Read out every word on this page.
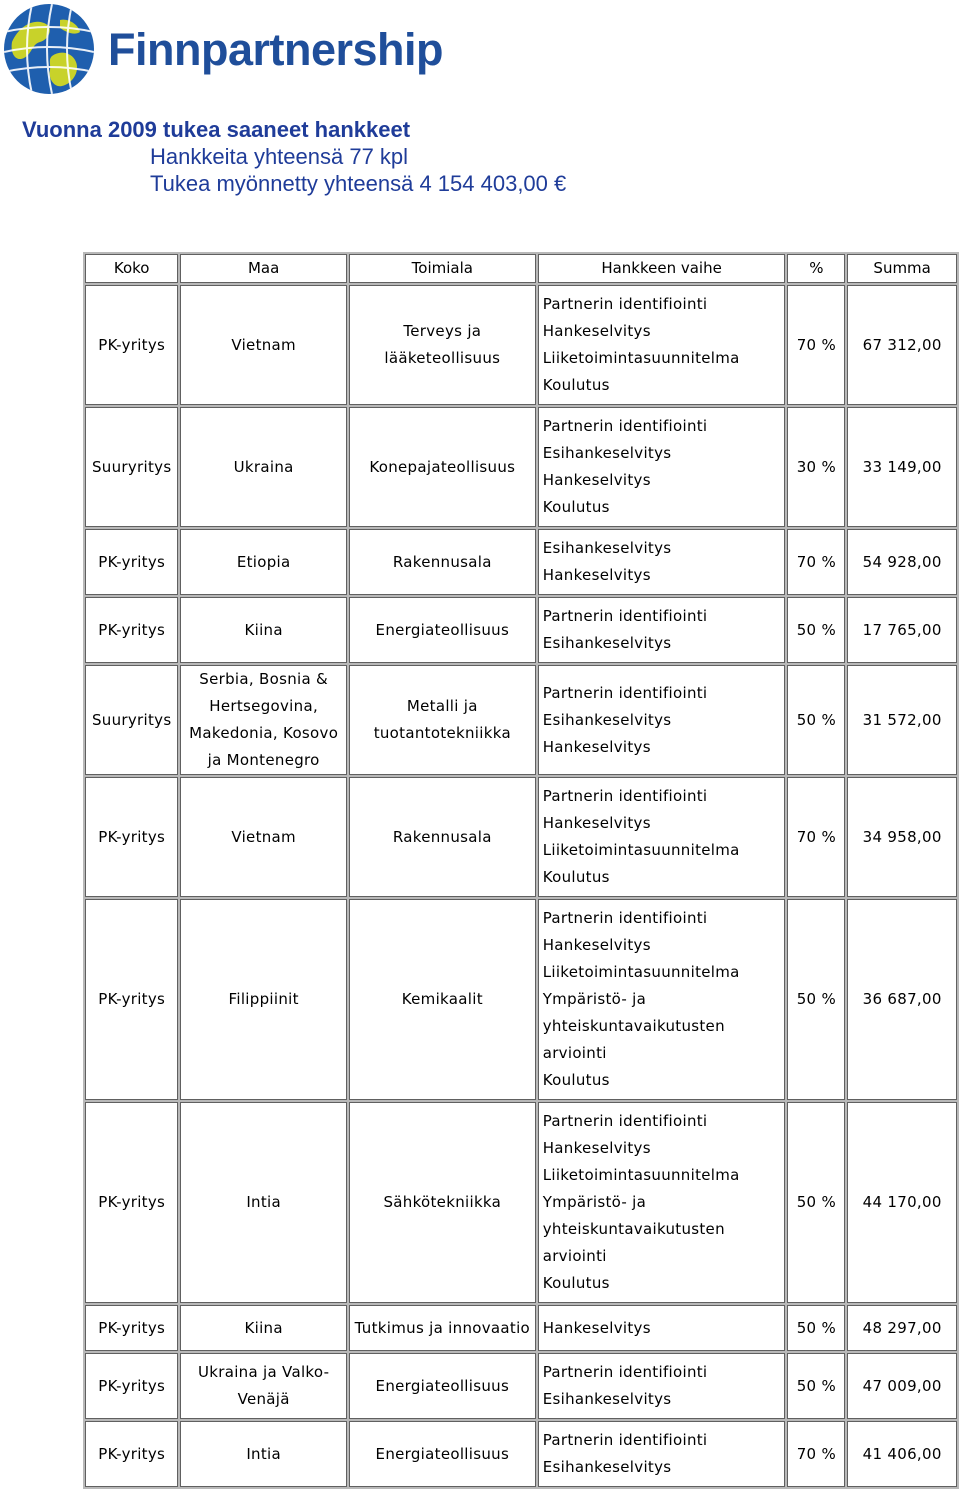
Finnpartnership
Vuonna 2009 tukea saaneet hankkeet
Hankkeita yhteensä 77 kpl
Tukea myönnetty yhteensä 4 154 403,00 €
Koko	Maa	Toimiala	Hankkeen vaihe	%	Summa
PK-yritys	Vietnam	Terveys ja lääketeollisuus	Partnerin identifiointi
Hankeselvitys
Liiketoimintasuunnitelma
Koulutus	70 %	67 312,00
Suuryritys	Ukraina	Konepajateollisuus	Partnerin identifiointi
Esihankeselvitys
Hankeselvitys
Koulutus	30 %	33 149,00
PK-yritys	Etiopia	Rakennusala	Esihankeselvitys
Hankeselvitys	70 %	54 928,00
PK-yritys	Kiina	Energiateollisuus	Partnerin identifiointi
Esihankeselvitys	50 %	17 765,00
Suuryritys	Serbia, Bosnia & Hertsegovina, Makedonia, Kosovo ja Montenegro	Metalli ja tuotantotekniikka	Partnerin identifiointi
Esihankeselvitys
Hankeselvitys	50 %	31 572,00
PK-yritys	Vietnam	Rakennusala	Partnerin identifiointi
Hankeselvitys
Liiketoimintasuunnitelma
Koulutus	70 %	34 958,00
PK-yritys	Filippiinit	Kemikaalit	Partnerin identifiointi
Hankeselvitys
Liiketoimintasuunnitelma
Ympäristö- ja yhteiskuntavaikutusten arviointi
Koulutus	50 %	36 687,00
PK-yritys	Intia	Sähkötekniikka	Partnerin identifiointi
Hankeselvitys
Liiketoimintasuunnitelma
Ympäristö- ja yhteiskuntavaikutusten arviointi
Koulutus	50 %	44 170,00
PK-yritys	Kiina	Tutkimus ja innovaatio	Hankeselvitys	50 %	48 297,00
PK-yritys	Ukraina ja Valko-Venäjä	Energiateollisuus	Partnerin identifiointi
Esihankeselvitys	50 %	47 009,00
PK-yritys	Intia	Energiateollisuus	Partnerin identifiointi
Esihankeselvitys	70 %	41 406,00
